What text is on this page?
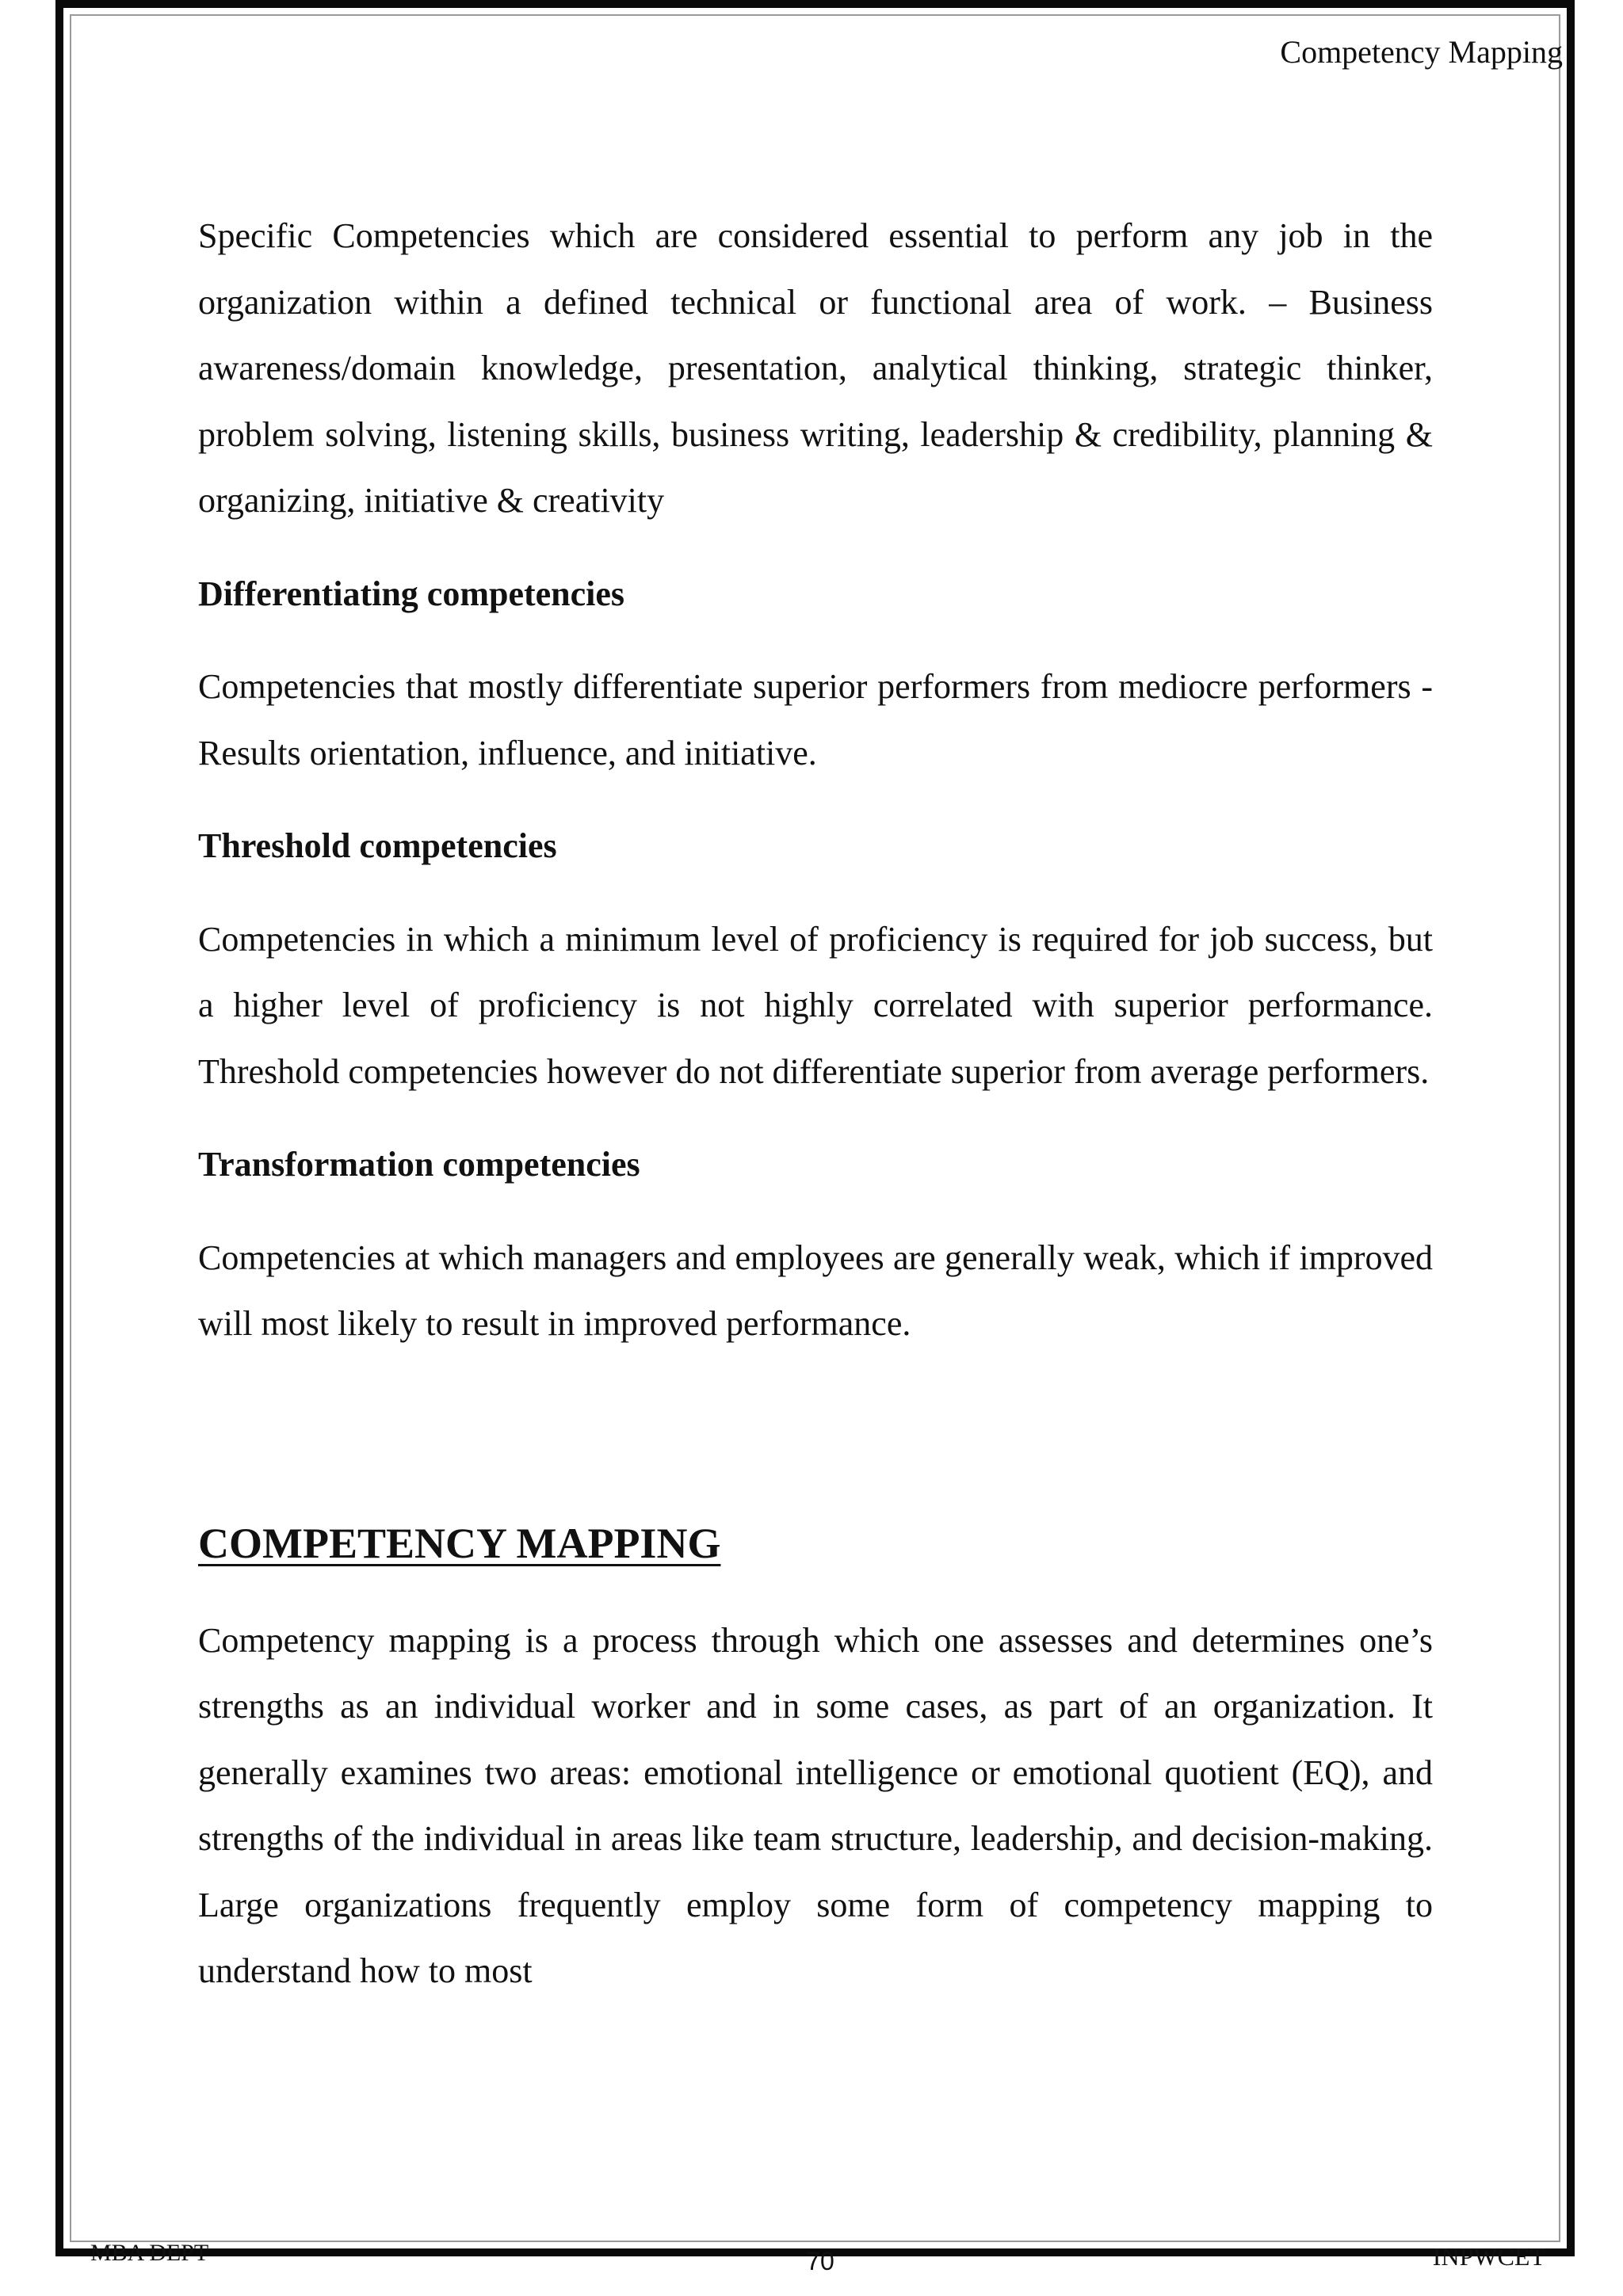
Competency Mapping

Specific Competencies which are considered essential to perform any job in the organization within a defined technical or functional area of work. – Business awareness/domain knowledge, presentation, analytical thinking, strategic thinker, problem solving, listening skills, business writing, leadership & credibility, planning & organizing, initiative & creativity

Differentiating competencies

Competencies that mostly differentiate superior performers from mediocre performers - Results orientation, influence, and initiative.

Threshold competencies

Competencies in which a minimum level of proficiency is required for job success, but a higher level of proficiency is not highly correlated with superior performance. Threshold competencies however do not differentiate superior from average performers.

Transformation competencies

Competencies at which managers and employees are generally weak, which if improved will most likely to result in improved performance.

COMPETENCY MAPPING

Competency mapping is a process through which one assesses and determines one’s strengths as an individual worker and in some cases, as part of an organization. It generally examines two areas: emotional intelligence or emotional quotient (EQ), and strengths of the individual in areas like team structure, leadership, and decision-making. Large organizations frequently employ some form of competency mapping to understand how to most

MBA DEPT	70	INPWCET
